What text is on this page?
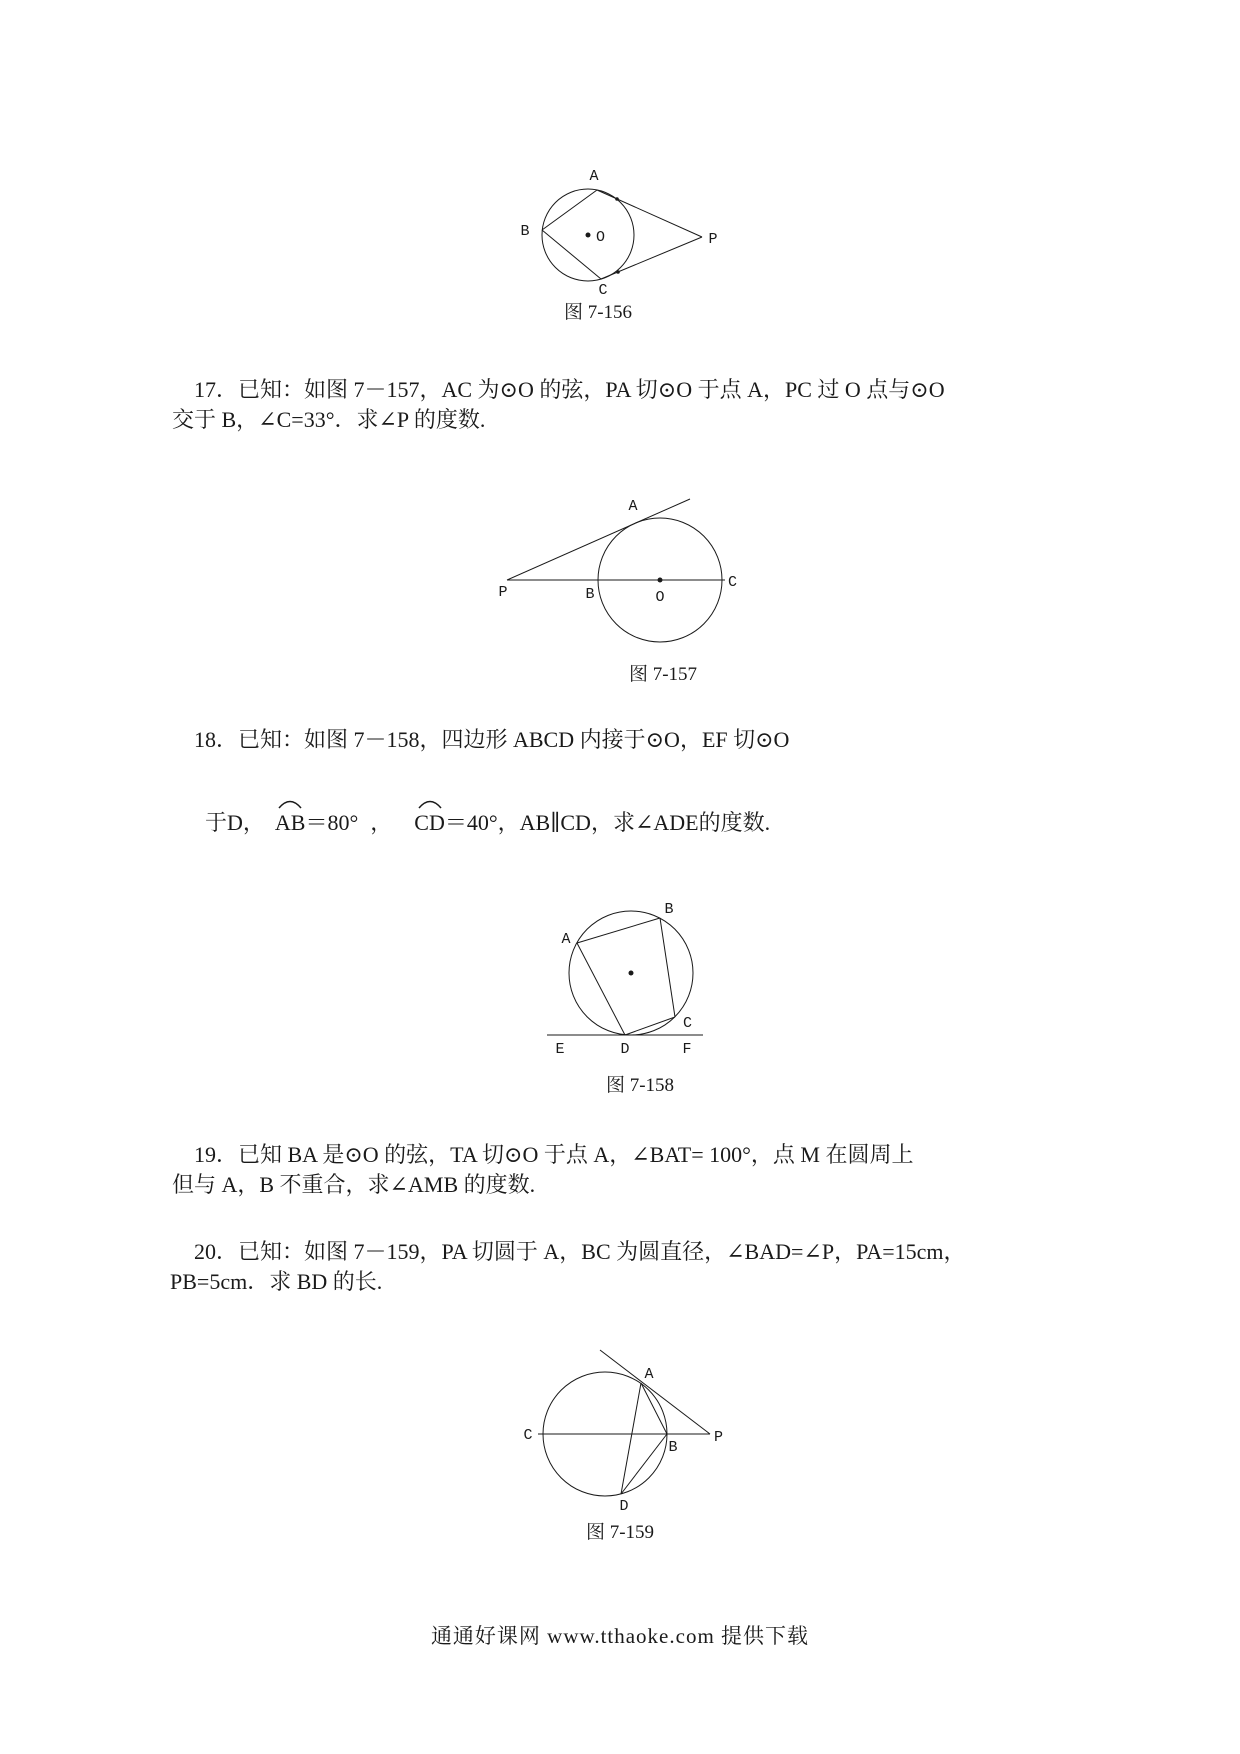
A
B
C
O	P
图 7-156
17．已知：如图 7－157，AC 为⊙O 的弦，PA 切⊙O 于点 A，PC 过 O 点与⊙O
交于 B，∠C=33°．求∠P 的度数.
A
P	B	O
C
图 7-157
18．已知：如图 7－158，四边形 ABCD 内接于⊙O，EF 切⊙O
于D， AB＝80° ， CD＝40°，AB∥CD，求∠ADE的度数.
A
B
C
D
E	F
图 7-158
19．已知 BA 是⊙O 的弦，TA 切⊙O 于点 A，∠BAT= 100°，点 M 在圆周上
但与 A，B 不重合，求∠AMB 的度数.
20．已知：如图 7－159，PA 切圆于 A，BC 为圆直径，∠BAD=∠P，PA=15cm，
PB=5cm．求 BD 的长.
A
B
C
D
P
图 7-159
通通好课网 www.tthaoke.com 提供下载
